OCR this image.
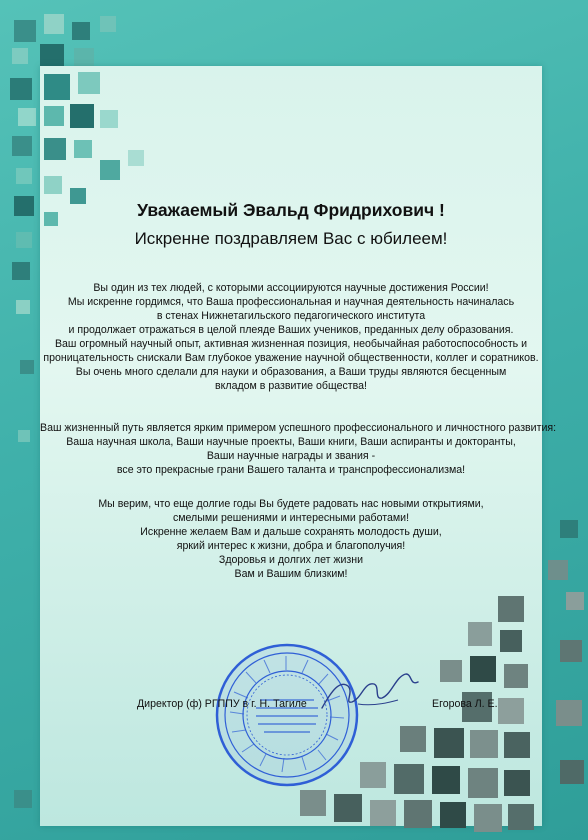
Уважаемый Эвальд Фридрихович !
Искренне поздравляем Вас с юбилеем!
Вы один из тех людей, с которыми ассоциируются научные достижения России!
Мы искренне гордимся, что Ваша профессиональная и научная деятельность начиналась
в стенах Нижнетагильского педагогического института
и продолжает отражаться в целой плеяде Ваших учеников, преданных делу образования.
Ваш огромный научный опыт, активная жизненная позиция, необычайная работоспособность и
проницательность снискали Вам глубокое уважение научной общественности, коллег и соратников.
Вы очень много сделали для науки и образования, а Ваши труды являются бесценным
вкладом в развитие общества!
Ваш жизненный путь является ярким примером успешного профессионального и личностного развития:
Ваша научная школа, Ваши научные проекты, Ваши книги, Ваши аспиранты и докторанты,
Ваши научные награды и звания -
все это прекрасные грани Вашего таланта и транспрофессионализма!
Мы верим, что еще долгие годы Вы будете радовать нас новыми открытиями,
смелыми решениями и интересными работами!
Искренне желаем Вам и дальше сохранять молодость души,
яркий интерес к жизни, добра и благополучия!
Здоровья и долгих лет жизни
Вам и Вашим близким!
Директор (ф) РГППУ в г. Н. Тагиле	Егорова Л. Е.
